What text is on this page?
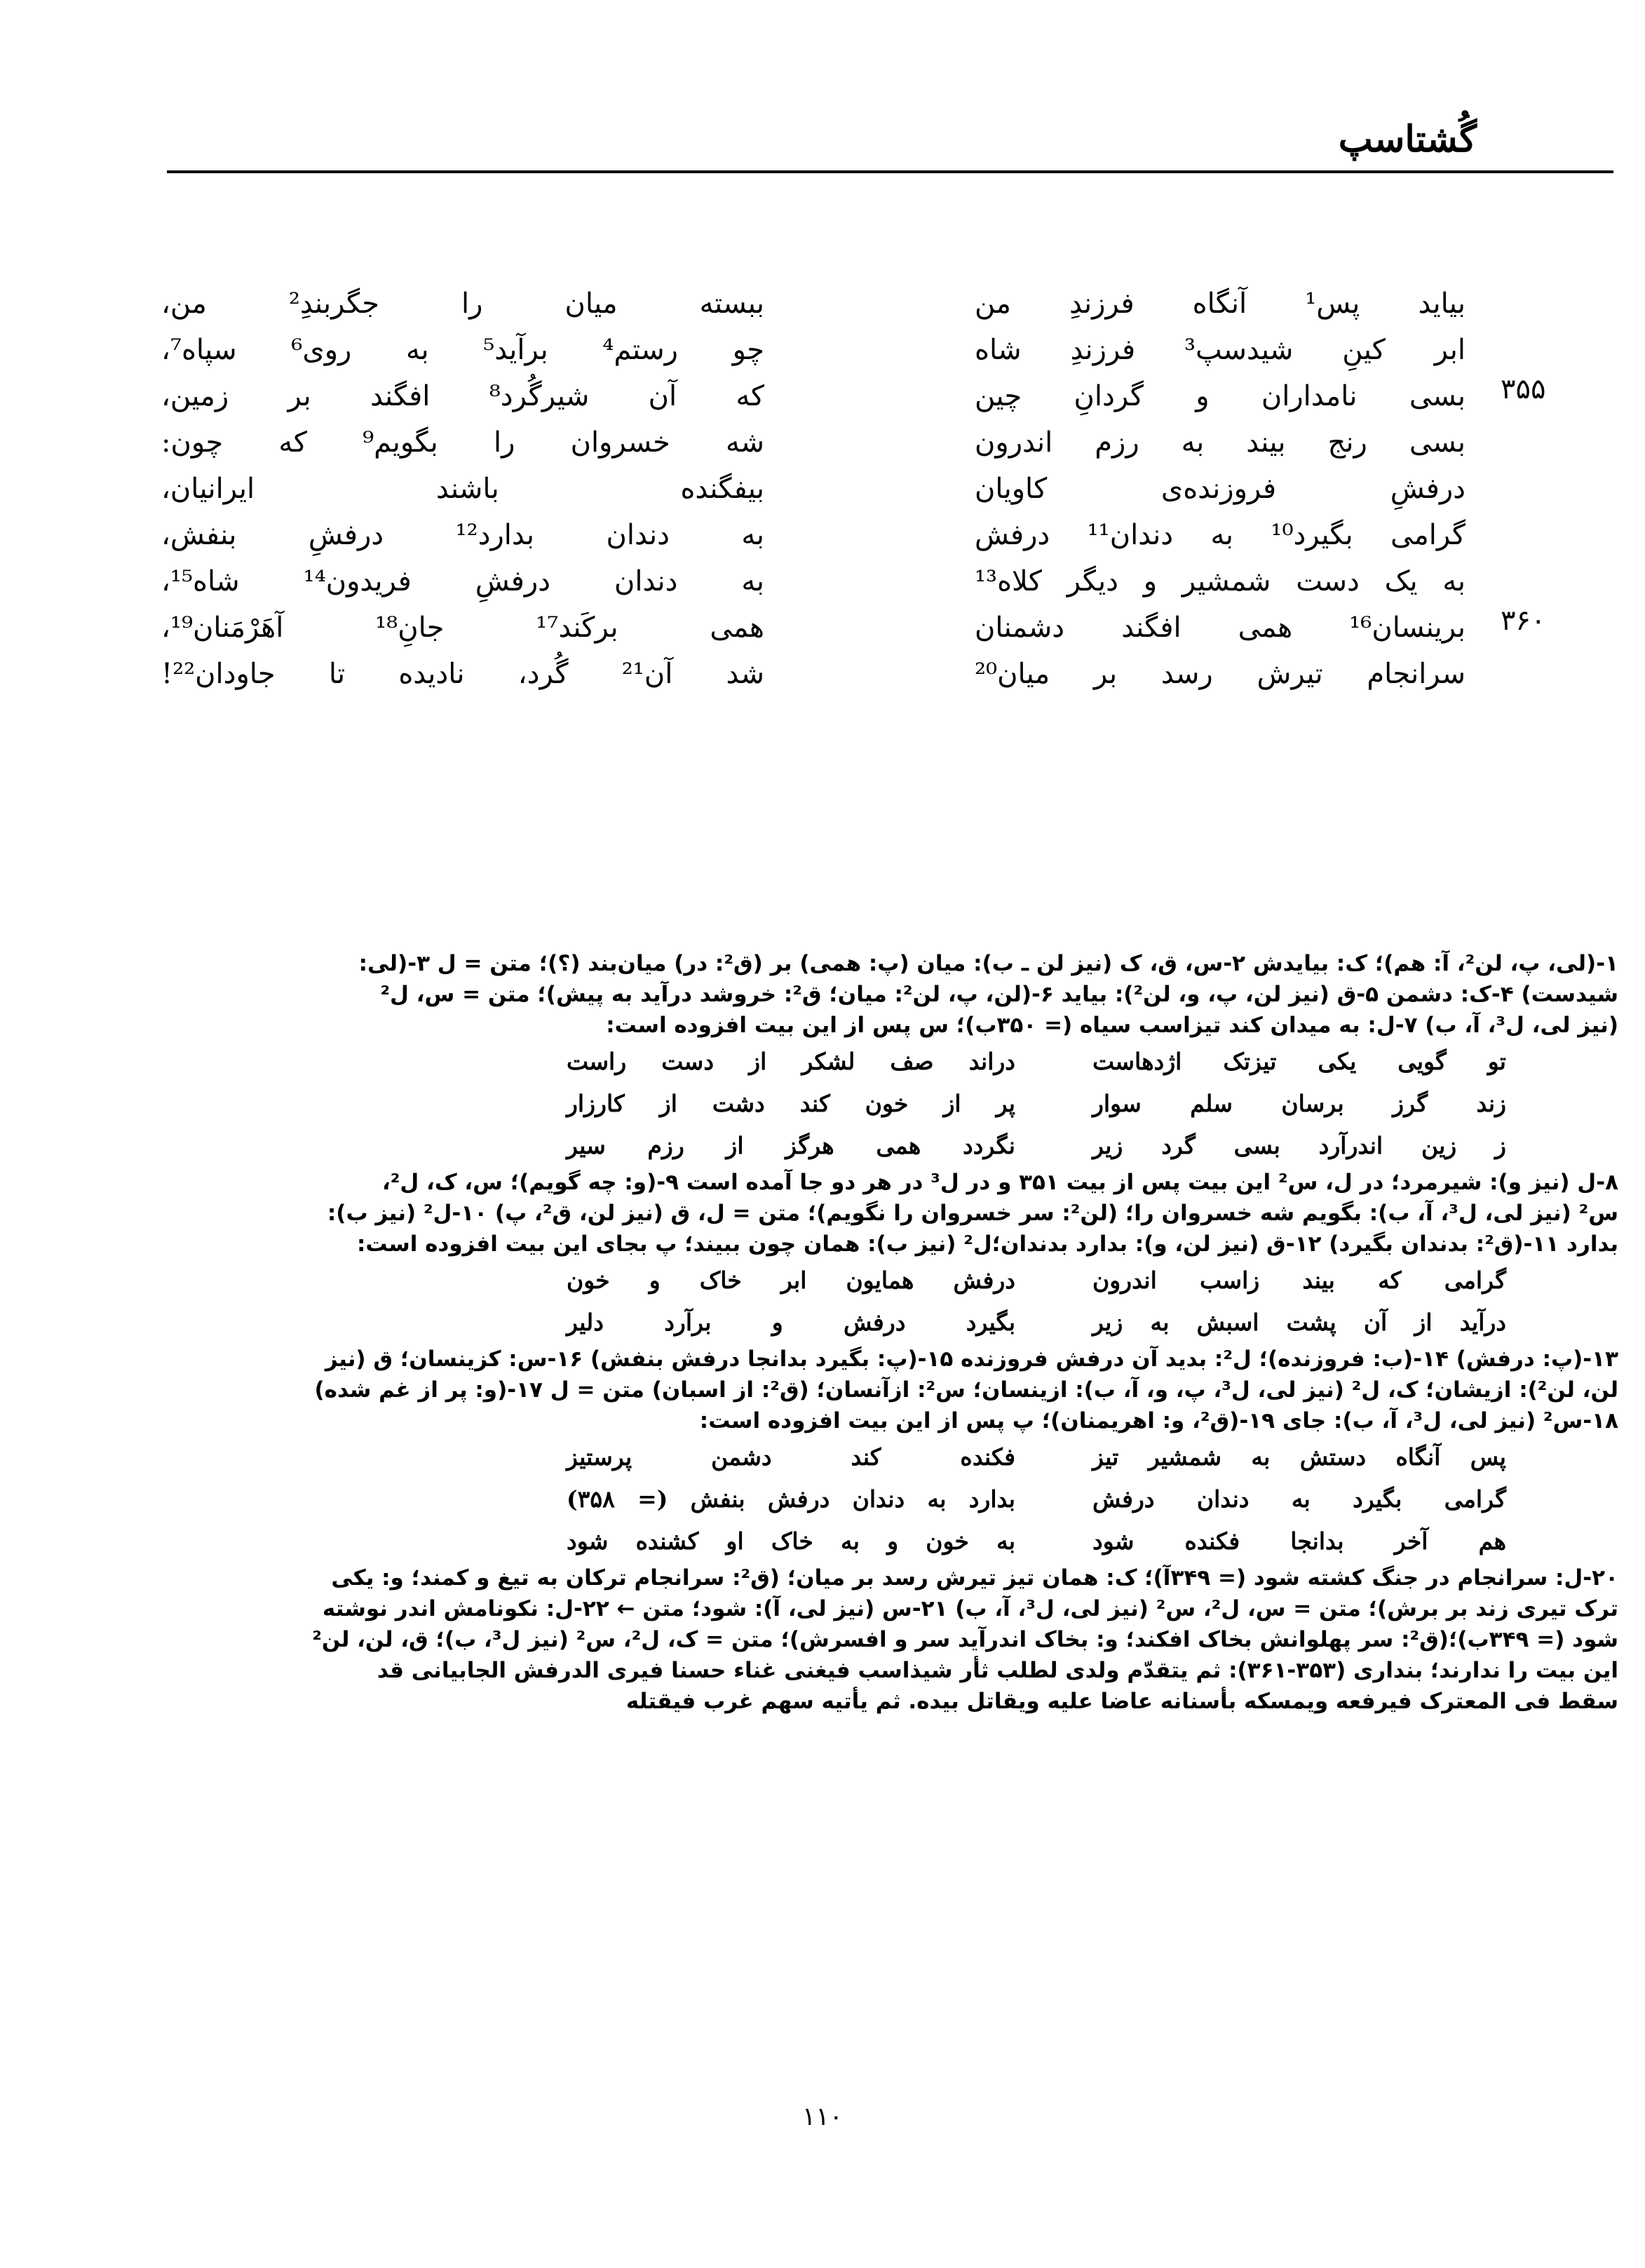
گُشتاسپ
بیاید پس¹ آنگاه فرزندِ من
ببسته میان را جگربندِ² من،
ابر کینِ شیدسپ³ فرزندِ شاه
چو رستم⁴ برآید⁵ به روی⁶ سپاه⁷،
۳۵۵
بسی نامداران و گردانِ چین
که آن شیرگُرد⁸ افگند بر زمین،
بسی رنج بیند به رزم اندرون
شه خسروان را بگویم⁹ که چون:
درفشِ فروزنده‌ی کاویان
بیفگنده باشند ایرانیان،
گرامی بگیرد¹⁰ به دندان¹¹ درفش
به دندان بدارد¹² درفشِ بنفش،
به یک دست شمشیر و دیگر کلاه¹³
به دندان درفشِ فریدون¹⁴ شاه¹⁵،
۳۶۰
برینسان¹⁶ همی افگند دشمنان
همی برکَند¹⁷ جانِ¹⁸ آهَرْمَنان¹⁹،
سرانجام تیرش رسد بر میان²⁰
شد آن²¹ گُرد، نادیده تا جاودان²²!
۱-(لی، پ، لن²، آ: هم)؛ ک: بیایدش ۲-س، ق، ک (نیز لن ـ ب): میان (پ: همی) بر (ق²: در) میان‌بند (؟)؛ متن = ل ۳-(لی:
شیدست) ۴-ک: دشمن ۵-ق (نیز لن، پ، و، لن²): بیاید ۶-(لن، پ، لن²: میان؛ ق²: خروشد درآید به پیش)؛ متن = س، ل²
(نیز لی، ل³، آ، ب) ۷-ل: به میدان کند تیزاسب سیاه (= ۳۵۰ب)؛ س پس از این بیت افزوده است:
تو گویی یکی تیزتک اژدهاست
دراند صف لشکر از دست راست
زند گرز برسان سلم سوار
پر از خون کند دشت از کارزار
ز زین اندرآرد بسی گرد زیر
نگردد همی هرگز از رزم سیر
۸-ل (نیز و): شیرمرد؛ در ل، س² این بیت پس از بیت ۳۵۱ و در ل³ در هر دو جا آمده است ۹-(و: چه گویم)؛ س، ک، ل²،
س² (نیز لی، ل³، آ، ب): بگویم شه خسروان را؛ (لن²: سر خسروان را نگویم)؛ متن = ل، ق (نیز لن، ق²، پ) ۱۰-ل² (نیز ب):
بدارد ۱۱-(ق²: بدندان بگیرد) ۱۲-ق (نیز لن، و): بدارد بدندان؛ل² (نیز ب): همان چون ببیند؛ پ بجای این بیت افزوده است:
گرامی که بیند زاسب اندرون
درفش همایون ابر خاک و خون
درآید از آن پشت اسبش به زیر
بگیرد درفش و برآرد دلیر
۱۳-(پ: درفش) ۱۴-(ب: فروزنده)؛ ل²: بدید آن درفش فروزنده ۱۵-(پ: بگیرد بدانجا درفش بنفش) ۱۶-س: کزینسان؛ ق (نیز
لن، لن²): ازیشان؛ ک، ل² (نیز لی، ل³، پ، و، آ، ب): ازینسان؛ س²: ازآنسان؛ (ق²: از اسبان) متن = ل ۱۷-(و: پر از غم شده)
۱۸-س² (نیز لی، ل³، آ، ب): جای ۱۹-(ق²، و: اهریمنان)؛ پ پس از این بیت افزوده است:
پس آنگاه دستش به شمشیر تیز
فکنده کند دشمن پرستیز
گرامی بگیرد به دندان درفش
بدارد به دندان درفش بنفش (= ۳۵۸)
هم آخر بدانجا فکنده شود
به خون و به خاک او کشنده شود
۲۰-ل: سرانجام در جنگ کشته شود (= ۳۴۹آ)؛ ک: همان تیز تیرش رسد بر میان؛ (ق²: سرانجام ترکان به تیغ و کمند؛ و: یکی
ترک تیری زند بر برش)؛ متن = س، ل²، س² (نیز لی، ل³، آ، ب) ۲۱-س (نیز لی، آ): شود؛ متن ← ۲۲-ل: نکونامش اندر نوشته
شود (= ۳۴۹ب)؛(ق²: سر پهلوانش بخاک افکند؛ و: بخاک اندرآید سر و افسرش)؛ متن = ک، ل²، س² (نیز ل³، ب)؛ ق، لن، لن²
این بیت را ندارند؛ بنداری (۳۵۳-۳۶۱): ثم یتقدّم ولدی لطلب ثأر شیذاسب فیغنی غناء حسنا فیری الدرفش الجابیانی قد
سقط فی المعترک فیرفعه ویمسکه بأسنانه عاضا علیه ویقاتل بیده. ثم یأتیه سهم غرب فیقتله
۱۱۰
